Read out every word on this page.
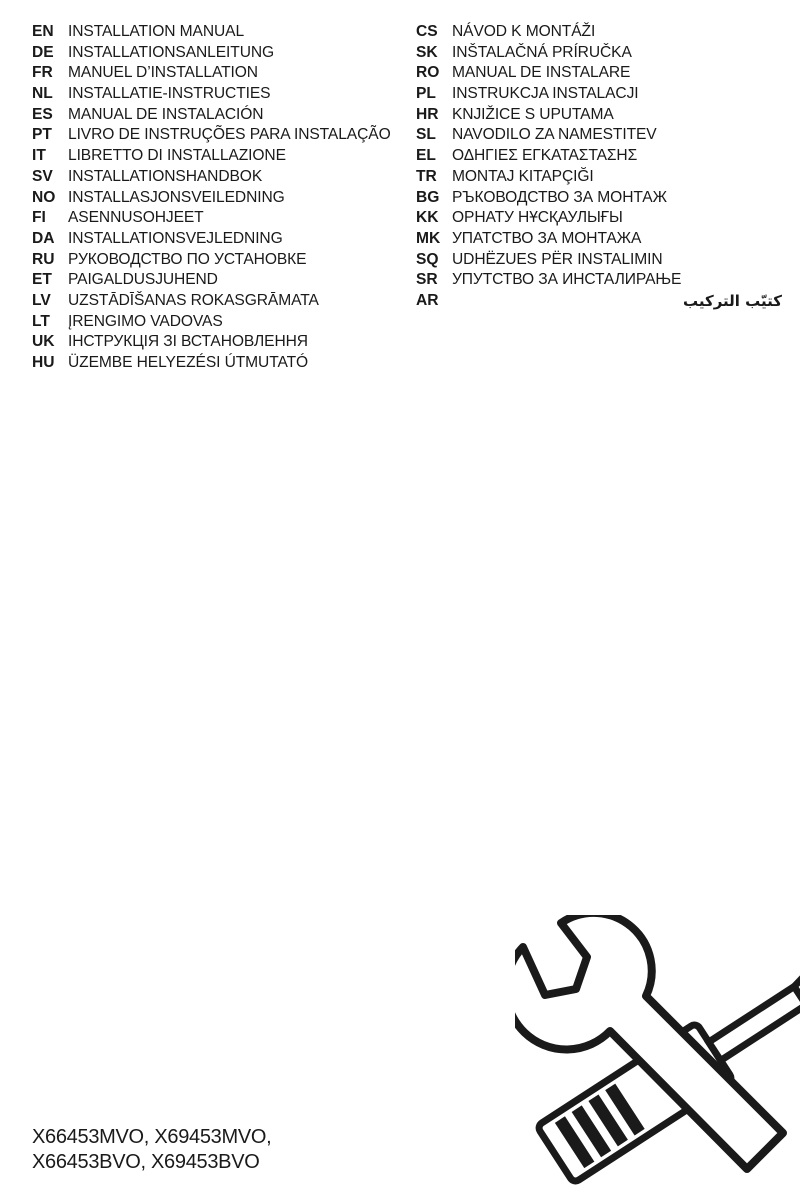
EN INSTALLATION MANUAL
DE INSTALLATIONSANLEITUNG
FR MANUEL D’INSTALLATION
NL INSTALLATIE-INSTRUCTIES
ES MANUAL DE INSTALACIÓN
PT LIVRO DE INSTRUÇÕES PARA INSTALAÇÃO
IT LIBRETTO DI INSTALLAZIONE
SV INSTALLATIONSHANDBOK
NO INSTALLASJONSVEILEDNING
FI ASENNUSOHJEET
DA INSTALLATIONSVEJLEDNING
RU РУКОВОДСТВО ПО УСТАНОВКЕ
ET PAIGALDUSJUHEND
LV UZSTĀDĪŠANAS ROKASGRĀMATA
LT ĮRENGIMO VADOVAS
UK ІНСТРУКЦІЯ ЗІ ВСТАНОВЛЕННЯ
HU ÜZEMBE HELYEZÉSI ÚTMUTATÓ
CS NÁVOD K MONTÁŽI
SK INŠTALAČNÁ PRÍRUČKA
RO MANUAL DE INSTALARE
PL INSTRUKCJA INSTALACJI
HR KNJIŽICE S UPUTAMA
SL NAVODILO ZA NAMESTITEV
EL ΟΔΗΓΙΕΣ ΕΓΚΑΤΑΣΤΑΣΗΣ
TR MONTAJ KITAPÇIĞI
BG РЪКОВОДСТВО ЗА МОНТАЖ
KK ОРНАТУ НҰСҚАУЛЫҒЫ
MK УПАТСТВО ЗА МОНТАЖА
SQ UDHËZUES PËR INSTALIMIN
SR УПУТСТВО ЗА ИНСТАЛИРАЊЕ
AR	كتيّب التركيب
X66453MVO, X69453MVO,
X66453BVO, X69453BVO
